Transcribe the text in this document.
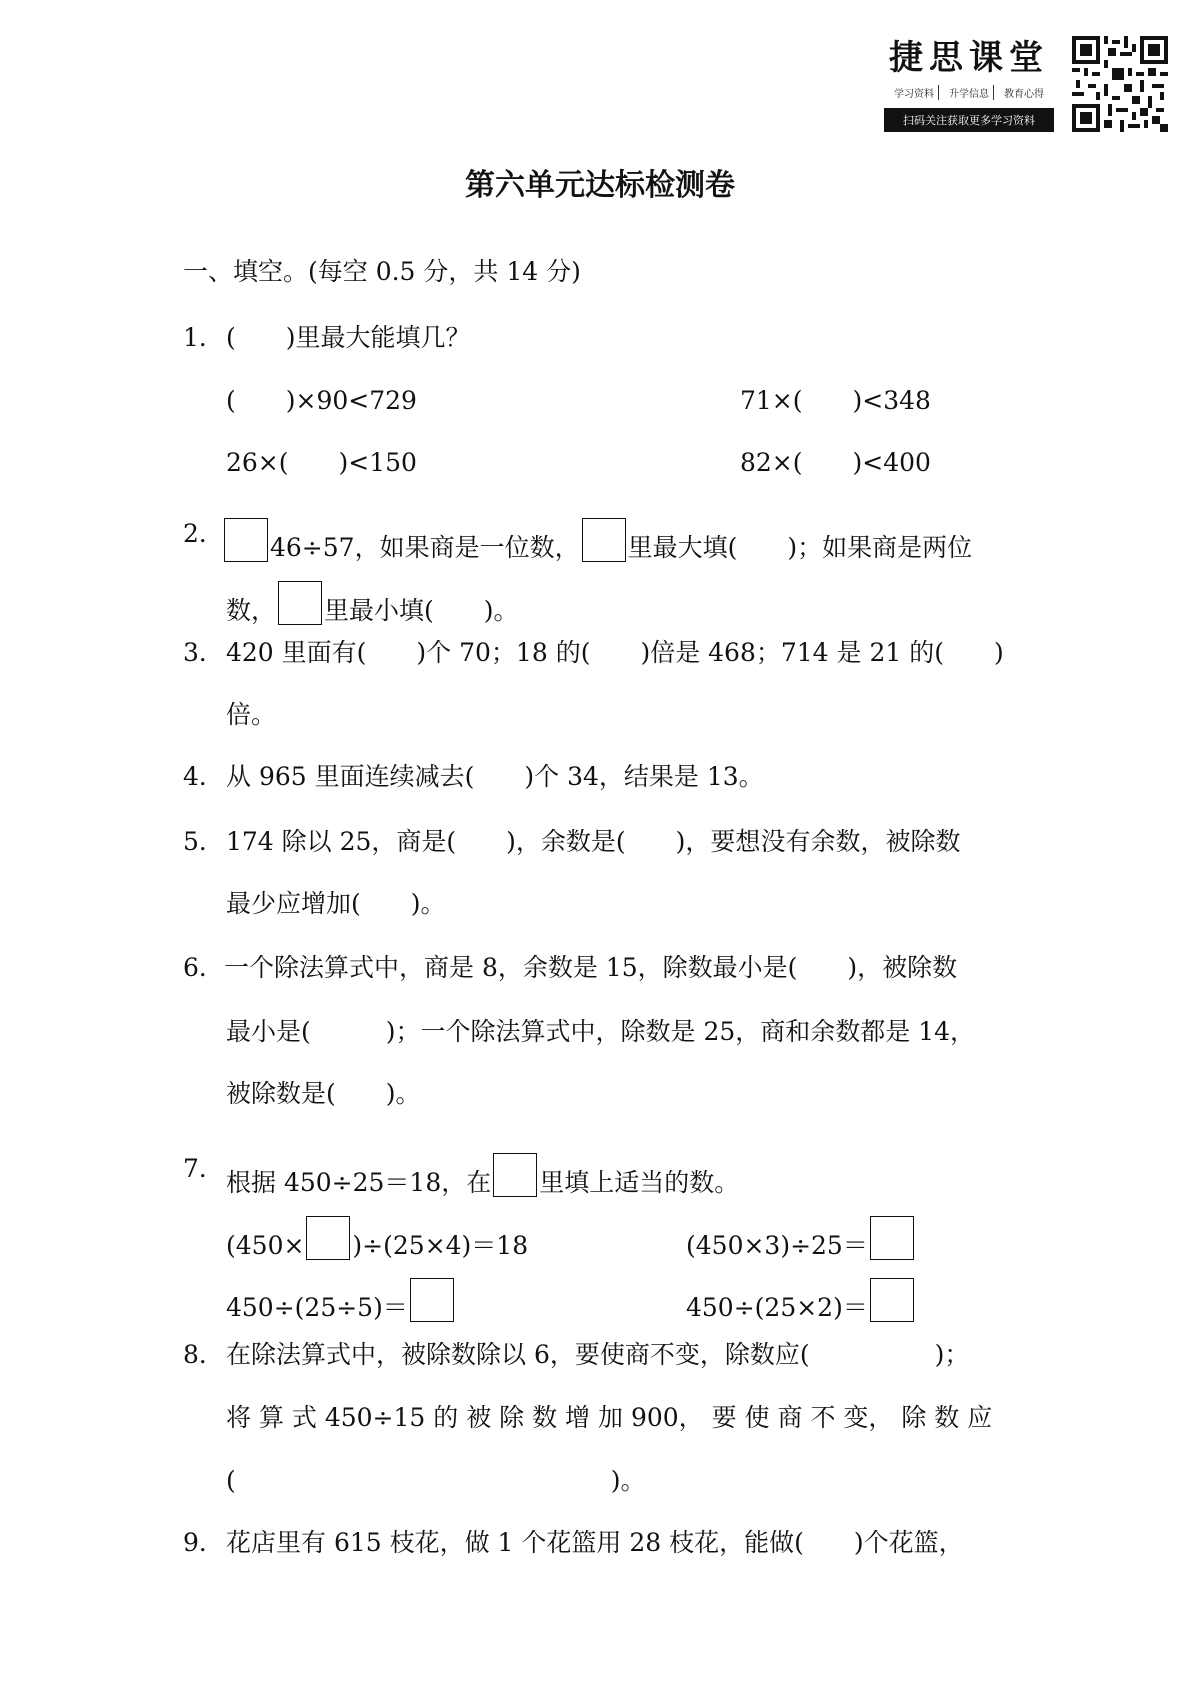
捷思课堂
学习资料	升学信息	教育心得
扫码关注获取更多学习资料
第六单元达标检测卷
一、填空。(每空 0.5 分，共 14 分)
1． (　　)里最大能填几？
(　　)×90<729	71×(　　)<348
26×(　　)<150	82×(　　)<400
2．	46÷57，如果商是一位数， 里最大填(　　)；如果商是两位
数， 里最小填(　　)。
3． 420 里面有(　　)个 70；18 的(　　)倍是 468；714 是 21 的(　　)
倍。
4． 从 965 里面连续减去(　　)个 34，结果是 13。
5． 174 除以 25，商是(　　)，余数是(　　)，要想没有余数，被除数
最少应增加(　　)。
6． 一个除法算式中，商是 8，余数是 15，除数最小是(　　)，被除数
最小是(　　　)；一个除法算式中，除数是 25，商和余数都是 14，
被除数是(　　)。
7． 根据 450÷25＝18，在 里填上适当的数。
(450× )÷(25×4)＝18	(450×3)÷25＝
450÷(25÷5)＝	450÷(25×2)＝
8． 在除法算式中，被除数除以 6，要使商不变，除数应(　　　　　)；
将 算 式 450÷15 的 被 除 数 增 加 900， 要 使 商 不 变， 除 数 应
(　　　　　　　　　　　　　　　)。
9． 花店里有 615 枝花，做 1 个花篮用 28 枝花，能做(　　)个花篮，
